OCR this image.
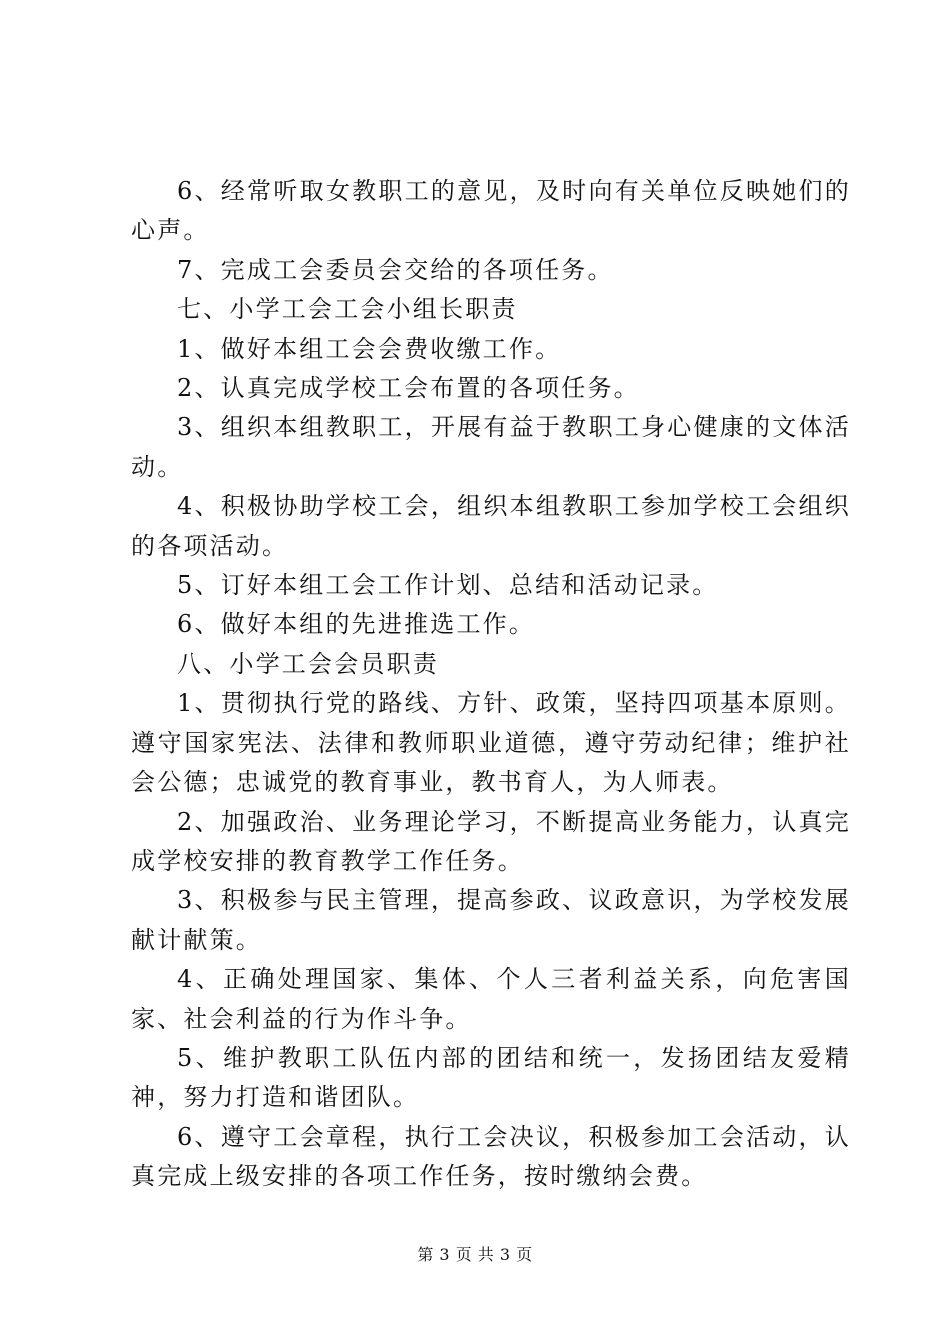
6、经常听取女教职工的意见，及时向有关单位反映她们的心声。

7、完成工会委员会交给的各项任务。

七、小学工会工会小组长职责

1、做好本组工会会费收缴工作。

2、认真完成学校工会布置的各项任务。

3、组织本组教职工，开展有益于教职工身心健康的文体活动。

4、积极协助学校工会，组织本组教职工参加学校工会组织的各项活动。

5、订好本组工会工作计划、总结和活动记录。

6、做好本组的先进推选工作。

八、小学工会会员职责

1、贯彻执行党的路线、方针、政策，坚持四项基本原则。遵守国家宪法、法律和教师职业道德，遵守劳动纪律；维护社会公德；忠诚党的教育事业，教书育人，为人师表。

2、加强政治、业务理论学习，不断提高业务能力，认真完成学校安排的教育教学工作任务。

3、积极参与民主管理，提高参政、议政意识，为学校发展献计献策。

4、正确处理国家、集体、个人三者利益关系，向危害国家、社会利益的行为作斗争。

5、维护教职工队伍内部的团结和统一，发扬团结友爱精神，努力打造和谐团队。

6、遵守工会章程，执行工会决议，积极参加工会活动，认真完成上级安排的各项工作任务，按时缴纳会费。

第 3 页 共 3 页
